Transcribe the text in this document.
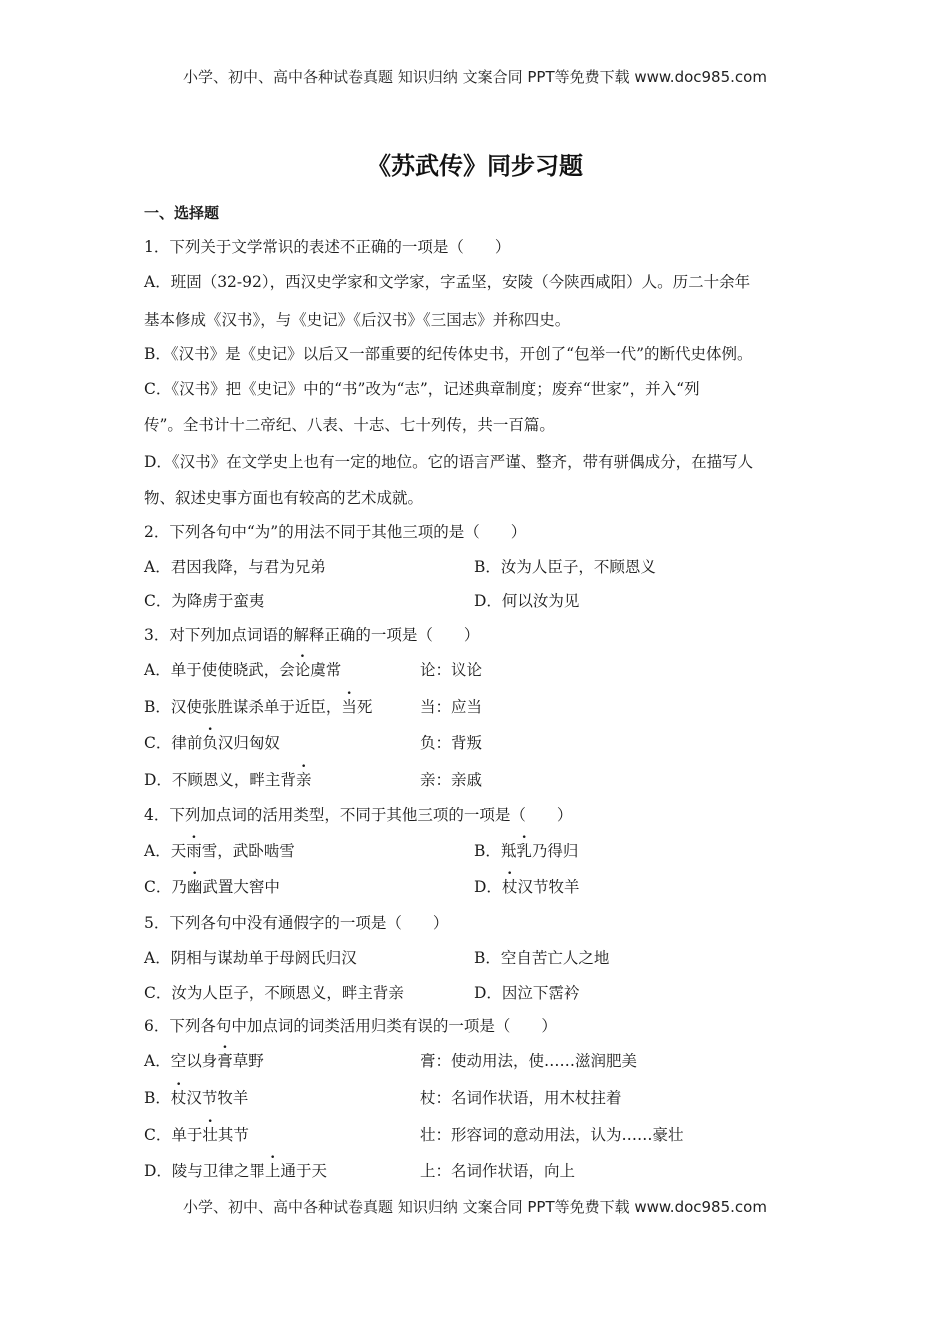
小学、初中、高中各种试卷真题 知识归纳 文案合同 PPT等免费下载 www.doc985.com
《苏武传》同步习题
一、选择题
1．下列关于文学常识的表述不正确的一项是（　　）
A．班固（32-92），西汉史学家和文学家，字孟坚，安陵（今陕西咸阳）人。历二十余年
基本修成《汉书》，与《史记》《后汉书》《三国志》并称四史。
B．《汉书》是《史记》以后又一部重要的纪传体史书，开创了“包举一代”的断代史体例。
C．《汉书》把《史记》中的“书”改为“志”，记述典章制度；废弃“世家”，并入“列
传”。全书计十二帝纪、八表、十志、七十列传，共一百篇。
D．《汉书》在文学史上也有一定的地位。它的语言严谨、整齐，带有骈偶成分，在描写人
物、叙述史事方面也有较高的艺术成就。
2．下列各句中“为”的用法不同于其他三项的是（　　）
A．君因我降，与君为兄弟	B．汝为人臣子，不顾恩义
C．为降虏于蛮夷	D．何以汝为见
3．对下列加点词语的解释正确的一项是（　　）
A．单于使使晓武，会论虞常	论：议论
B．汉使张胜谋杀单于近臣，当死	当：应当
C．律前负汉归匈奴	负：背叛
D．不顾恩义，畔主背亲	亲：亲戚
4．下列加点词的活用类型，不同于其他三项的一项是（　　）
A．天雨雪，武卧啮雪	B．羝乳乃得归
C．乃幽武置大窖中	D．杖汉节牧羊
5．下列各句中没有通假字的一项是（　　）
A．阴相与谋劫单于母阏氏归汉	B．空自苦亡人之地
C．汝为人臣子，不顾恩义，畔主背亲	D．因泣下霑衿
6．下列各句中加点词的词类活用归类有误的一项是（　　）
A．空以身膏草野	膏：使动用法，使……滋润肥美
B．杖汉节牧羊	杖：名词作状语，用木杖拄着
C．单于壮其节	壮：形容词的意动用法，认为……豪壮
D．陵与卫律之罪上通于天	上：名词作状语，向上
小学、初中、高中各种试卷真题 知识归纳 文案合同 PPT等免费下载 www.doc985.com
